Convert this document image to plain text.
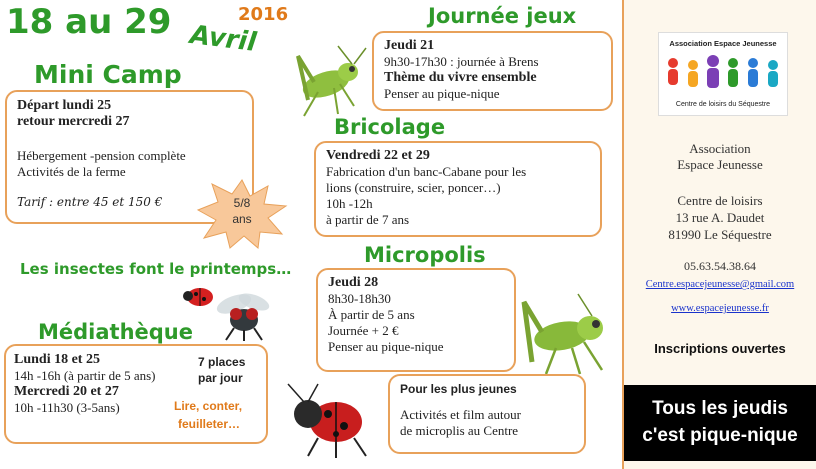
18 au 29	2016
Avril
Mini Camp
Départ lundi 25
retour mercredi 27
Hébergement -pension complète
Activités de la ferme
Tarif : entre 45 et 150 €	5/8
ans
Journée jeux
Jeudi 21
9h30-17h30 : journée à Brens
Thème du vivre ensemble
Penser au pique-nique
Bricolage
Vendredi 22 et 29
Fabrication d'un banc-Cabane pour les
lions (construire, scier, poncer…)
10h -12h
à partir de 7 ans
Les insectes font le printemps…
Micropolis
Jeudi 28
8h30-18h30
À partir de 5 ans
Journée + 2 €
Penser au pique-nique
Médiathèque
Lundi 18 et 25
14h -16h (à partir de 5 ans)
Mercredi 20 et 27
10h -11h30 (3-5ans)
7 places
par jour
Lire, conter,
feuilleter…
Pour les plus jeunes
Activités et film autour
de microplis au Centre
Association Espace Jeunesse
Centre de loisirs du Séquestre
Association
Espace Jeunesse
Centre de loisirs
13 rue A. Daudet
81990 Le Séquestre
05.63.54.38.64
Centre.espacejeunesse@gmail.com
www.espacejeunesse.fr
Inscriptions ouvertes
Tous les jeudis
c'est pique-nique
